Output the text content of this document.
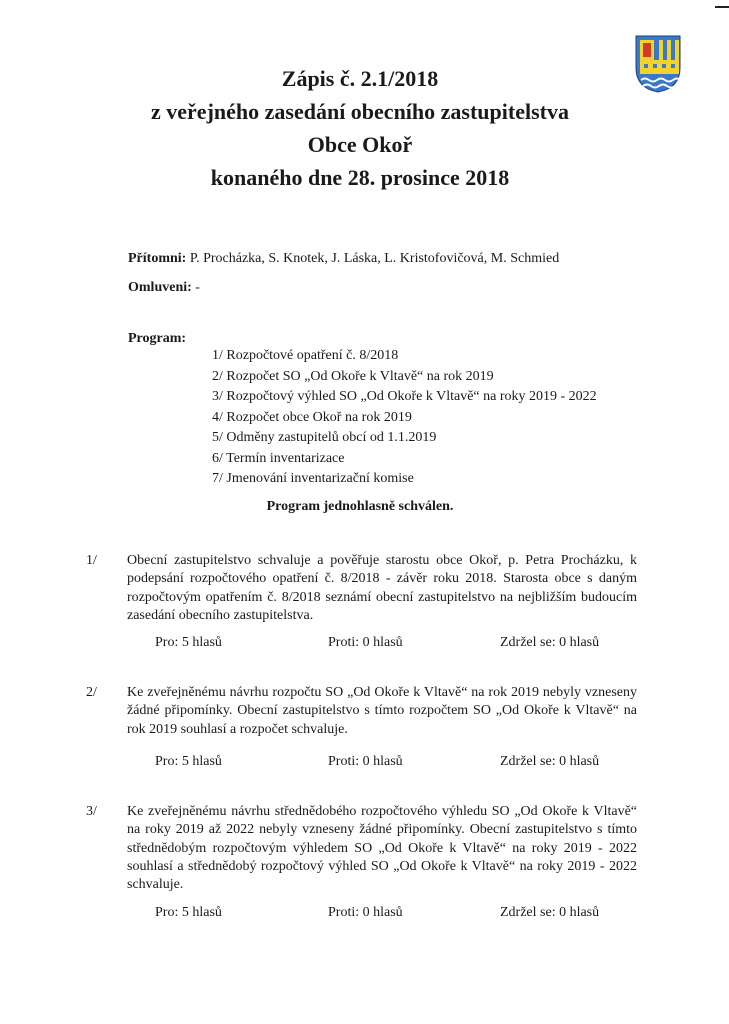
Zápis č. 2.1/2018
z veřejného zasedání obecního zastupitelstva
Obce Okoř
konaného dne 28. prosince 2018
Přítomni: P. Procházka, S. Knotek, J. Láska, L. Kristofovičová, M. Schmied
Omluveni: -
Program:
1/ Rozpočtové opatření č. 8/2018
2/ Rozpočet SO „Od Okoře k Vltavě“ na rok 2019
3/ Rozpočtový výhled SO „Od Okoře k Vltavě“ na roky 2019 - 2022
4/ Rozpočet obce Okoř na rok 2019
5/ Odměny zastupitelů obcí od 1.1.2019
6/ Termín inventarizace
7/ Jmenování inventarizační komise
Program jednohlasně schválen.
1/ Obecní zastupitelstvo schvaluje a pověřuje starostu obce Okoř, p. Petra Procházku, k podepsání rozpočtového opatření č. 8/2018 - závěr roku 2018. Starosta obce s daným rozpočtovým opatřením č. 8/2018 seznámí obecní zastupitelstvo na nejbližším budoucím zasedání obecního zastupitelstva.
Pro: 5 hlasů	Proti: 0 hlasů	Zdržel se: 0 hlasů
2/ Ke zveřejněnému návrhu rozpočtu SO „Od Okoře k Vltavě“ na rok 2019 nebyly vzneseny žádné připomínky. Obecní zastupitelstvo s tímto rozpočtem SO „Od Okoře k Vltavě“ na rok 2019 souhlasí a rozpočet schvaluje.
Pro: 5 hlasů	Proti: 0 hlasů	Zdržel se: 0 hlasů
3/ Ke zveřejněnému návrhu střednědobého rozpočtového výhledu SO „Od Okoře k Vltavě“ na roky 2019 až 2022 nebyly vzneseny žádné připomínky. Obecní zastupitelstvo s tímto střednědobým rozpočtovým výhledem SO „Od Okoře k Vltavě“ na roky 2019 - 2022 souhlasí a střednědobý rozpočtový výhled SO „Od Okoře k Vltavě“ na roky 2019 - 2022 schvaluje.
Pro: 5 hlasů	Proti: 0 hlasů	Zdržel se: 0 hlasů
